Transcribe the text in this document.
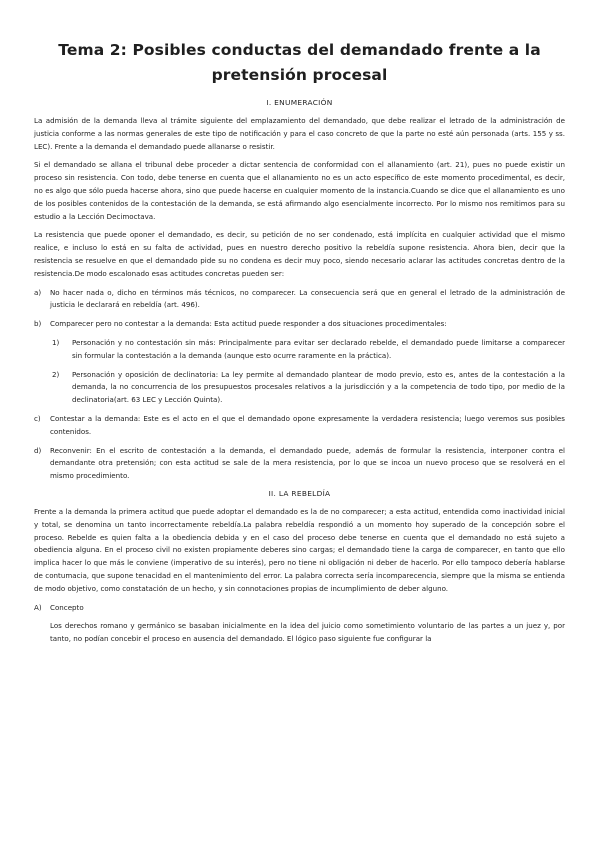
Tema 2: Posibles conductas del demandado frente a la pretensión procesal
I. ENUMERACIÓN

La admisión de la demanda lleva al trámite siguiente del emplazamiento del demandado, que debe realizar el letrado de la administración de justicia conforme a las normas generales de este tipo de notificación y para el caso concreto de que la parte no esté aún personada (arts. 155 y ss. LEC). Frente a la demanda el demandado puede allanarse o resistir.

Si el demandado se allana el tribunal debe proceder a dictar sentencia de conformidad con el allanamiento (art. 21), pues no puede existir un proceso sin resistencia. Con todo, debe tenerse en cuenta que el allanamiento no es un acto específico de este momento procedimental, es decir, no es algo que sólo pueda hacerse ahora, sino que puede hacerse en cualquier momento de la instancia.Cuando se dice que el allanamiento es uno de los posibles contenidos de la contestación de la demanda, se está afirmando algo esencialmente incorrecto. Por lo mismo nos remitimos para su estudio a la Lección Decimoctava.

La resistencia que puede oponer el demandado, es decir, su petición de no ser condenado, está implícita en cualquier actividad que el mismo realice, e incluso lo está en su falta de actividad, pues en nuestro derecho positivo la rebeldía supone resistencia. Ahora bien, decir que la resistencia se resuelve en que el demandado pide su no condena es decir muy poco, siendo necesario aclarar las actitudes concretas dentro de la resistencia.De modo escalonado esas actitudes concretas pueden ser:

a)	No hacer nada o, dicho en términos más técnicos, no comparecer. La consecuencia será que en general el letrado de la administración de justicia le declarará en rebeldía (art. 496).
b)	Comparecer pero no contestar a la demanda: Esta actitud puede responder a dos situaciones procedimentales:
1)	Personación y no contestación sin más: Principalmente para evitar ser declarado rebelde, el demandado puede limitarse a comparecer sin formular la contestación a la demanda (aunque esto ocurre raramente en la práctica).
2)	Personación y oposición de declinatoria: La ley permite al demandado plantear de modo previo, esto es, antes de la contestación a la demanda, la no concurrencia de los presupuestos procesales relativos a la jurisdicción y a la competencia de todo tipo, por medio de la declinatoria(art. 63 LEC y Lección Quinta).
c)	Contestar a la demanda: Este es el acto en el que el demandado opone expresamente la verdadera resistencia; luego veremos sus posibles contenidos.
d)	Reconvenir: En el escrito de contestación a la demanda, el demandado puede, además de formular la resistencia, interponer contra el demandante otra pretensión; con esta actitud se sale de la mera resistencia, por lo que se incoa un nuevo proceso que se resolverá en el mismo procedimiento.
II. LA REBELDÍA

Frente a la demanda la primera actitud que puede adoptar el demandado es la de no comparecer; a esta actitud, entendida como inactividad inicial y total, se denomina un tanto incorrectamente rebeldía.La palabra rebeldía respondió a un momento hoy superado de la concepción sobre el proceso. Rebelde es quien falta a la obediencia debida y en el caso del proceso debe tenerse en cuenta que el demandado no está sujeto a obediencia alguna. En el proceso civil no existen propiamente deberes sino cargas; el demandado tiene la carga de comparecer, en tanto que ello implica hacer lo que más le conviene (imperativo de su interés), pero no tiene ni obligación ni deber de hacerlo. Por ello tampoco debería hablarse de contumacia, que supone tenacidad en el mantenimiento del error. La palabra correcta sería incomparecencia, siempre que la misma se entienda de modo objetivo, como constatación de un hecho, y sin connotaciones propias de incumplimiento de deber alguno.

A)	Concepto

Los derechos romano y germánico se basaban inicialmente en la idea del juicio como sometimiento voluntario de las partes a un juez y, por tanto, no podían concebir el proceso en ausencia del demandado. El lógico paso siguiente fue configurar la
